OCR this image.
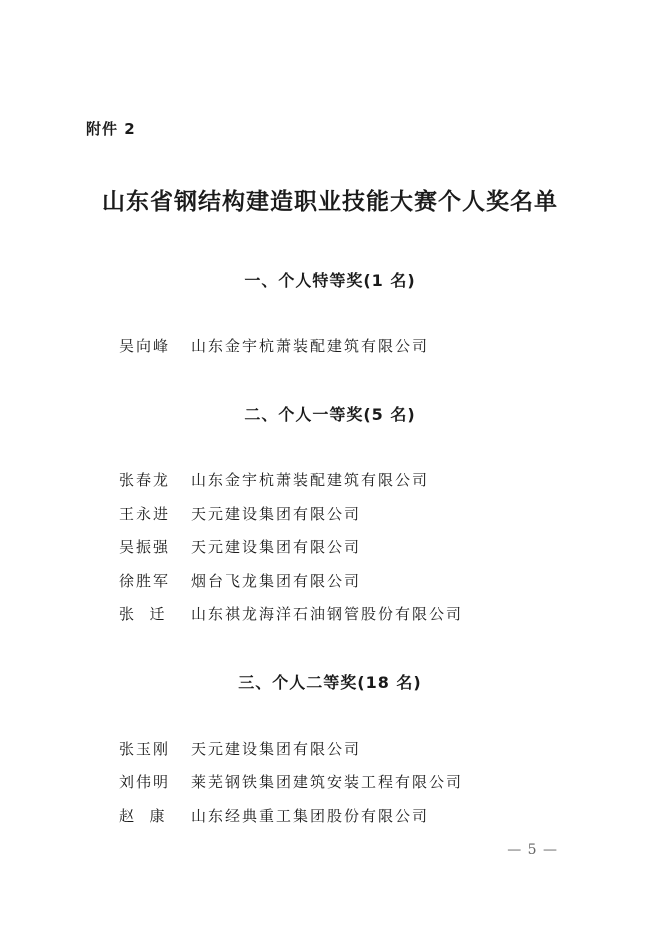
附件 2
山东省钢结构建造职业技能大赛个人奖名单
一、个人特等奖(1 名)
吴向峰 山东金宇杭萧装配建筑有限公司
二、个人一等奖(5 名)
张春龙 山东金宇杭萧装配建筑有限公司
王永进 天元建设集团有限公司
吴振强 天元建设集团有限公司
徐胜军 烟台飞龙集团有限公司
张  迁 山东祺龙海洋石油钢管股份有限公司
三、个人二等奖(18 名)
张玉刚 天元建设集团有限公司
刘伟明 莱芜钢铁集团建筑安装工程有限公司
赵  康 山东经典重工集团股份有限公司
— 5 —
